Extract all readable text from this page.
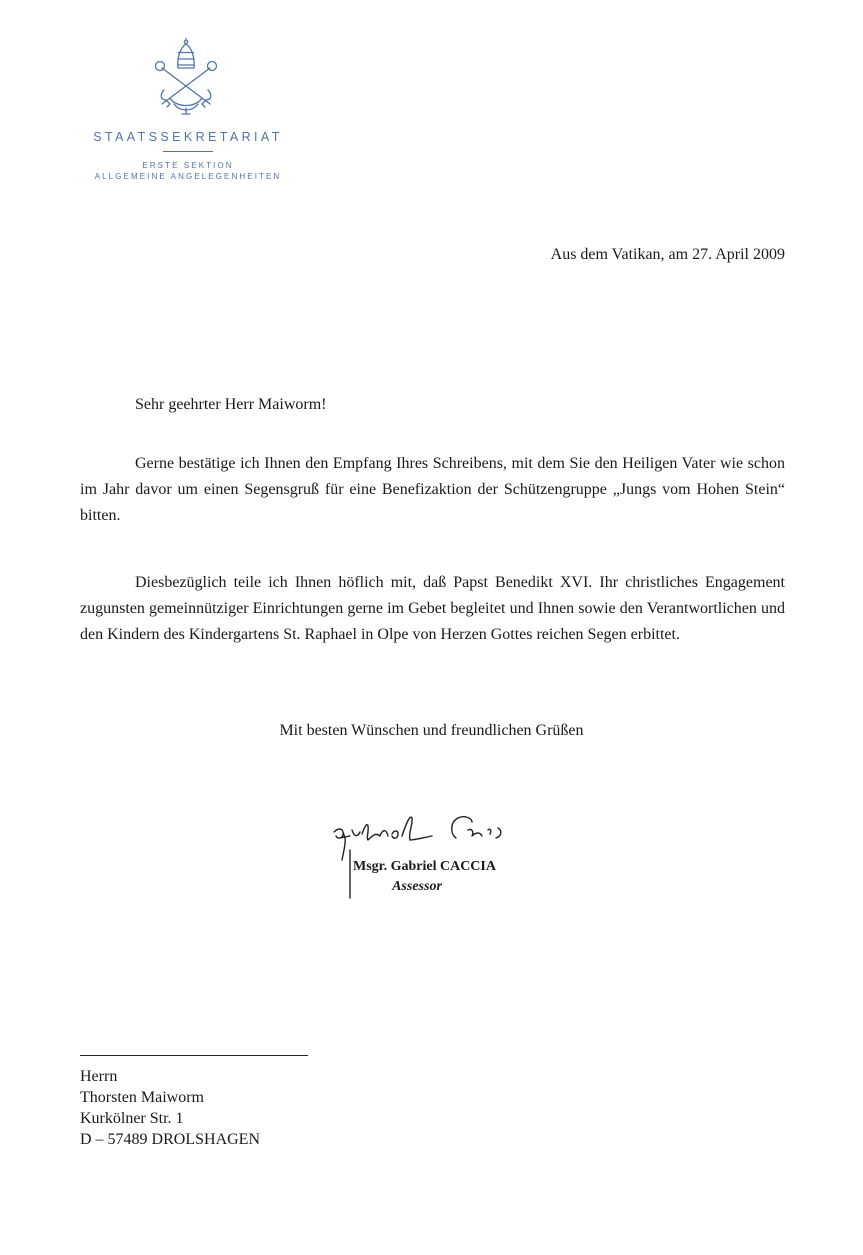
STAATSSEKRETARIAT
ERSTE SEKTION
ALLGEMEINE ANGELEGENHEITEN
Aus dem Vatikan, am 27. April 2009
Sehr geehrter Herr Maiworm!

Gerne bestätige ich Ihnen den Empfang Ihres Schreibens, mit dem Sie den Heiligen Vater wie schon im Jahr davor um einen Segensgruß für eine Benefizaktion der Schützengruppe „Jungs vom Hohen Stein“ bitten.

Diesbezüglich teile ich Ihnen höflich mit, daß Papst Benedikt XVI. Ihr christliches Engagement zugunsten gemeinnütziger Einrichtungen gerne im Gebet begleitet und Ihnen sowie den Verantwortlichen und den Kindern des Kindergartens St. Raphael in Olpe von Herzen Gottes reichen Segen erbittet.

Mit besten Wünschen und freundlichen Grüßen
Msgr. Gabriel CACCIA
Assessor
Herrn
Thorsten Maiworm
Kurkölner Str. 1
D – 57489 DROLSHAGEN
